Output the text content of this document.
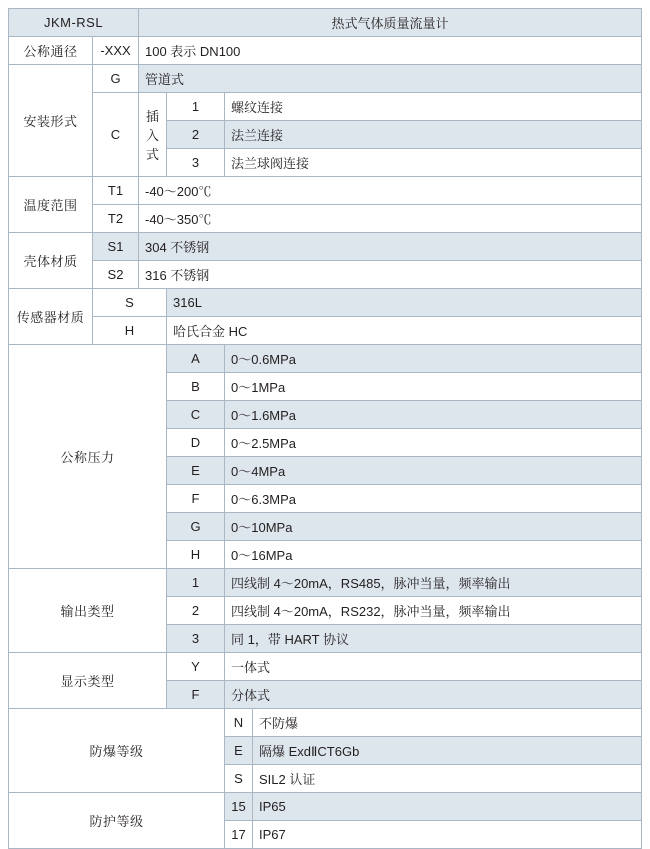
JKM-RSL		热式气体质量流量计			
公称通径	-XXX	100 表示 DN100			
安装形式	G	管道式			
	C	插入式	1	螺纹连接	
			2	法兰连接	
			3	法兰球阀连接	
温度范围	T1	-40～200℃			
	T2	-40～350℃			
壳体材质	S1	304 不锈钢			
	S2	316 不锈钢			
传感器材质	S		316L		
	H		哈氏合金 HC		
公称压力			A	0～0.6MPa	
			B	0～1MPa	
			C	0～1.6MPa	
			D	0～2.5MPa	
			E	0～4MPa	
			F	0～6.3MPa	
			G	0～10MPa	
			H	0～16MPa	
输出类型			1	四线制 4～20mA，RS485，脉冲当量，频率输出	
			2	四线制 4～20mA，RS232，脉冲当量，频率输出	
			3	同 1，带 HART 协议	
显示类型			Y	一体式	
			F	分体式	
防爆等级				N	不防爆
				E	隔爆 ExdⅡCT6Gb
				S	SIL2 认证
防护等级				15	IP65
				17	IP67
